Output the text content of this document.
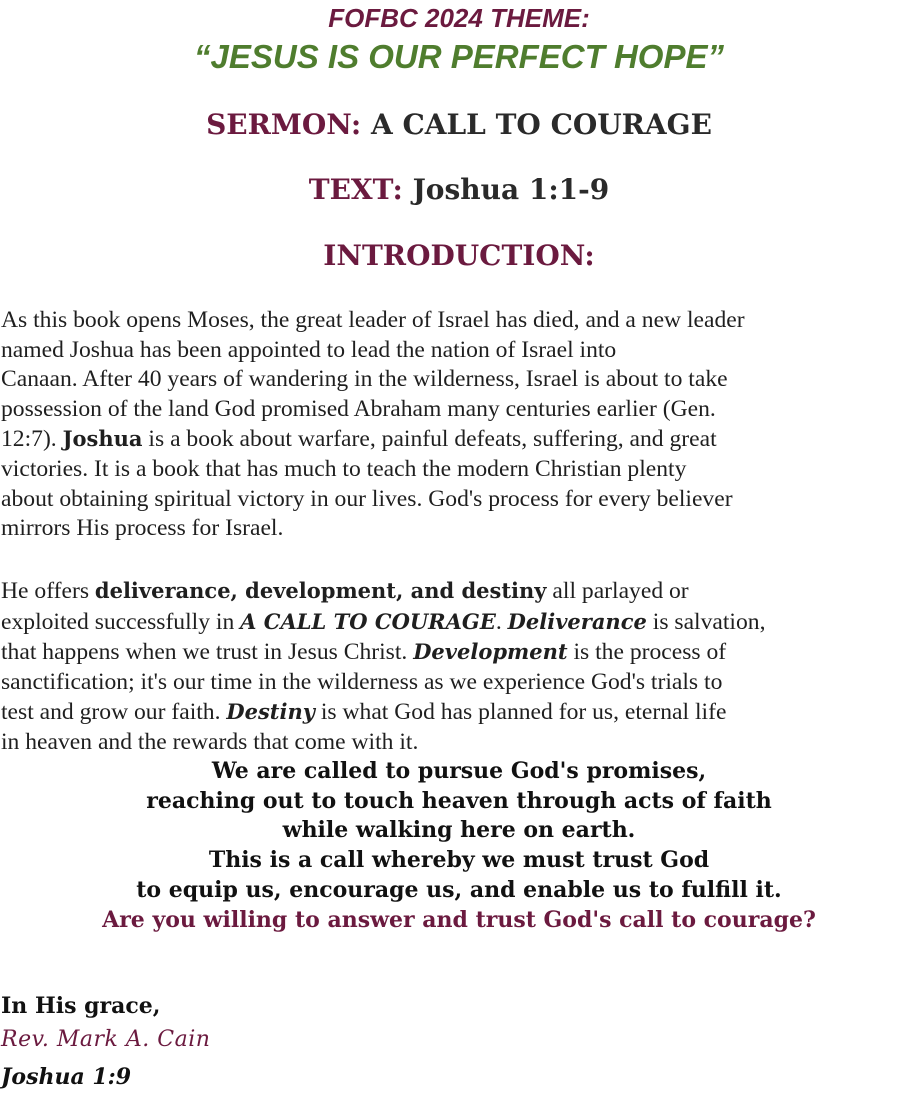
FOFBC 2024 THEME:
“JESUS IS OUR PERFECT HOPE”
SERMON: A CALL TO COURAGE
TEXT: Joshua 1:1-9
INTRODUCTION:
As this book opens Moses, the great leader of Israel has died, and a new leader
named Joshua has been appointed to lead the nation of Israel into
Canaan. After 40 years of wandering in the wilderness, Israel is about to take
possession of the land God promised Abraham many centuries earlier (Gen.
12:7). Joshua is a book about warfare, painful defeats, suffering, and great
victories. It is a book that has much to teach the modern Christian plenty
about obtaining spiritual victory in our lives. God's process for every believer
mirrors His process for Israel.
He offers deliverance, development, and destiny all parlayed or
exploited successfully in A CALL TO COURAGE. Deliverance is salvation,
that happens when we trust in Jesus Christ. Development is the process of
sanctification; it's our time in the wilderness as we experience God's trials to
test and grow our faith. Destiny is what God has planned for us, eternal life
in heaven and the rewards that come with it.
We are called to pursue God's promises,
reaching out to touch heaven through acts of faith
while walking here on earth.
This is a call whereby we must trust God
to equip us, encourage us, and enable us to fulfill it.
Are you willing to answer and trust God's call to courage?
In His grace,
Rev. Mark A. Cain
Joshua 1:9
